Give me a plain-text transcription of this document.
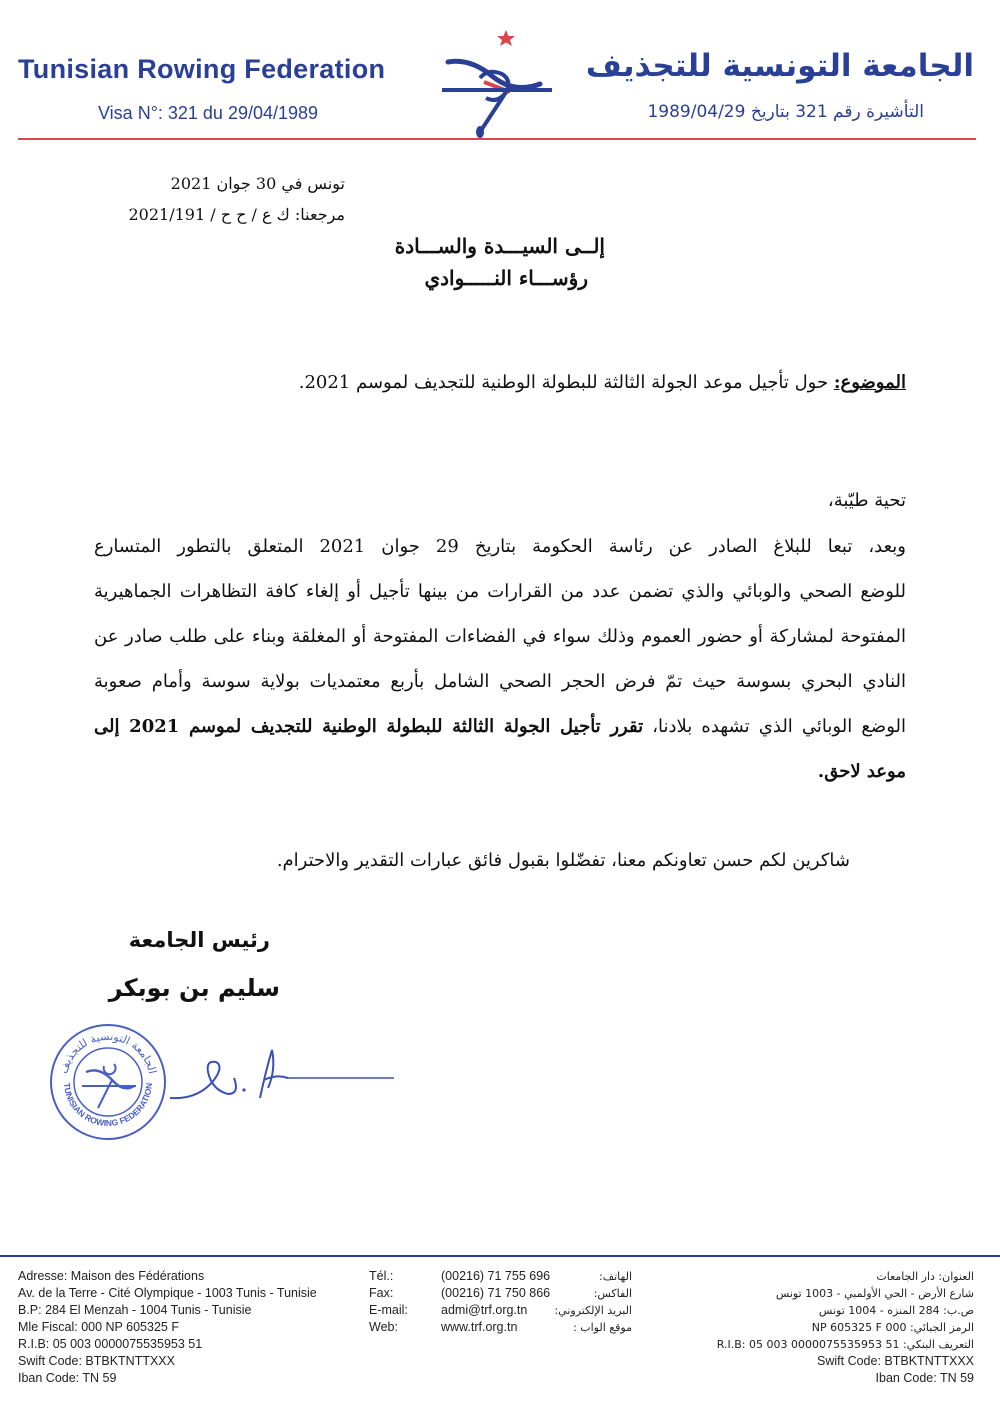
Tunisian Rowing Federation
Visa N°: 321 du 29/04/1989
الجامعة التونسية للتجذيف
التأشيرة رقم 321 بتاريخ 1989/04/29
تونس في 30 جوان 2021
مرجعنا: ك ع / ح ح / 2021/191
إلــى السيـــدة والســـادة
رؤســـاء النـــــوادي
الموضوع: حول تأجيل موعد الجولة الثالثة للبطولة الوطنية للتجديف لموسم 2021.
تحية طيّبة،
وبعد، تبعا للبلاغ الصادر عن رئاسة الحكومة بتاريخ 29 جوان 2021 المتعلق بالتطور المتسارع
للوضع الصحي والوبائي والذي تضمن عدد من القرارات من بينها تأجيل أو إلغاء كافة التظاهرات الجماهيرية
المفتوحة لمشاركة أو حضور العموم وذلك سواء في الفضاءات المفتوحة أو المغلقة وبناء على طلب صادر عن
النادي البحري بسوسة حيث تمّ فرض الحجر الصحي الشامل بأربع معتمديات بولاية سوسة وأمام صعوبة
الوضع الوبائي الذي تشهده بلادنا، تقرر تأجيل الجولة الثالثة للبطولة الوطنية للتجديف لموسم 2021 إلى
موعد لاحق.
شاكرين لكم حسن تعاونكم معنا، تفضّلوا بقبول فائق عبارات التقدير والاحترام.
رئيس الجامعة
سليم بن بوبكر
الجامعة التونسية للتجذيف
TUNISIAN ROWING FEDERATION
Adresse: Maison des Fédérations
Av. de la Terre - Cité Olympique - 1003 Tunis - Tunisie
B.P: 284 El Menzah - 1004 Tunis - Tunisie
Mle Fiscal: 000 NP 605325 F
R.I.B: 05 003 0000075535953 51
Swift Code: BTBKTNTTXXX
Iban Code: TN 59
Tél.:
Fax:
E-mail:
Web:
(00216) 71 755 696
(00216) 71 750 866
admi@trf.org.tn
www.trf.org.tn
الهاتف:
الفاكس:
البريد الإلكتروني:
موقع الواب :
العنوان: دار الجامعات
شارع الأرض - الحي الأولمبي - 1003 تونس
ص.ب: 284 المنزه - 1004 تونس
الرمز الجبائي: 000 NP 605325 F
التعريف البنكي: 51 R.I.B: 05 003 0000075535953
Swift Code: BTBKTNTTXXX
Iban Code: TN 59
